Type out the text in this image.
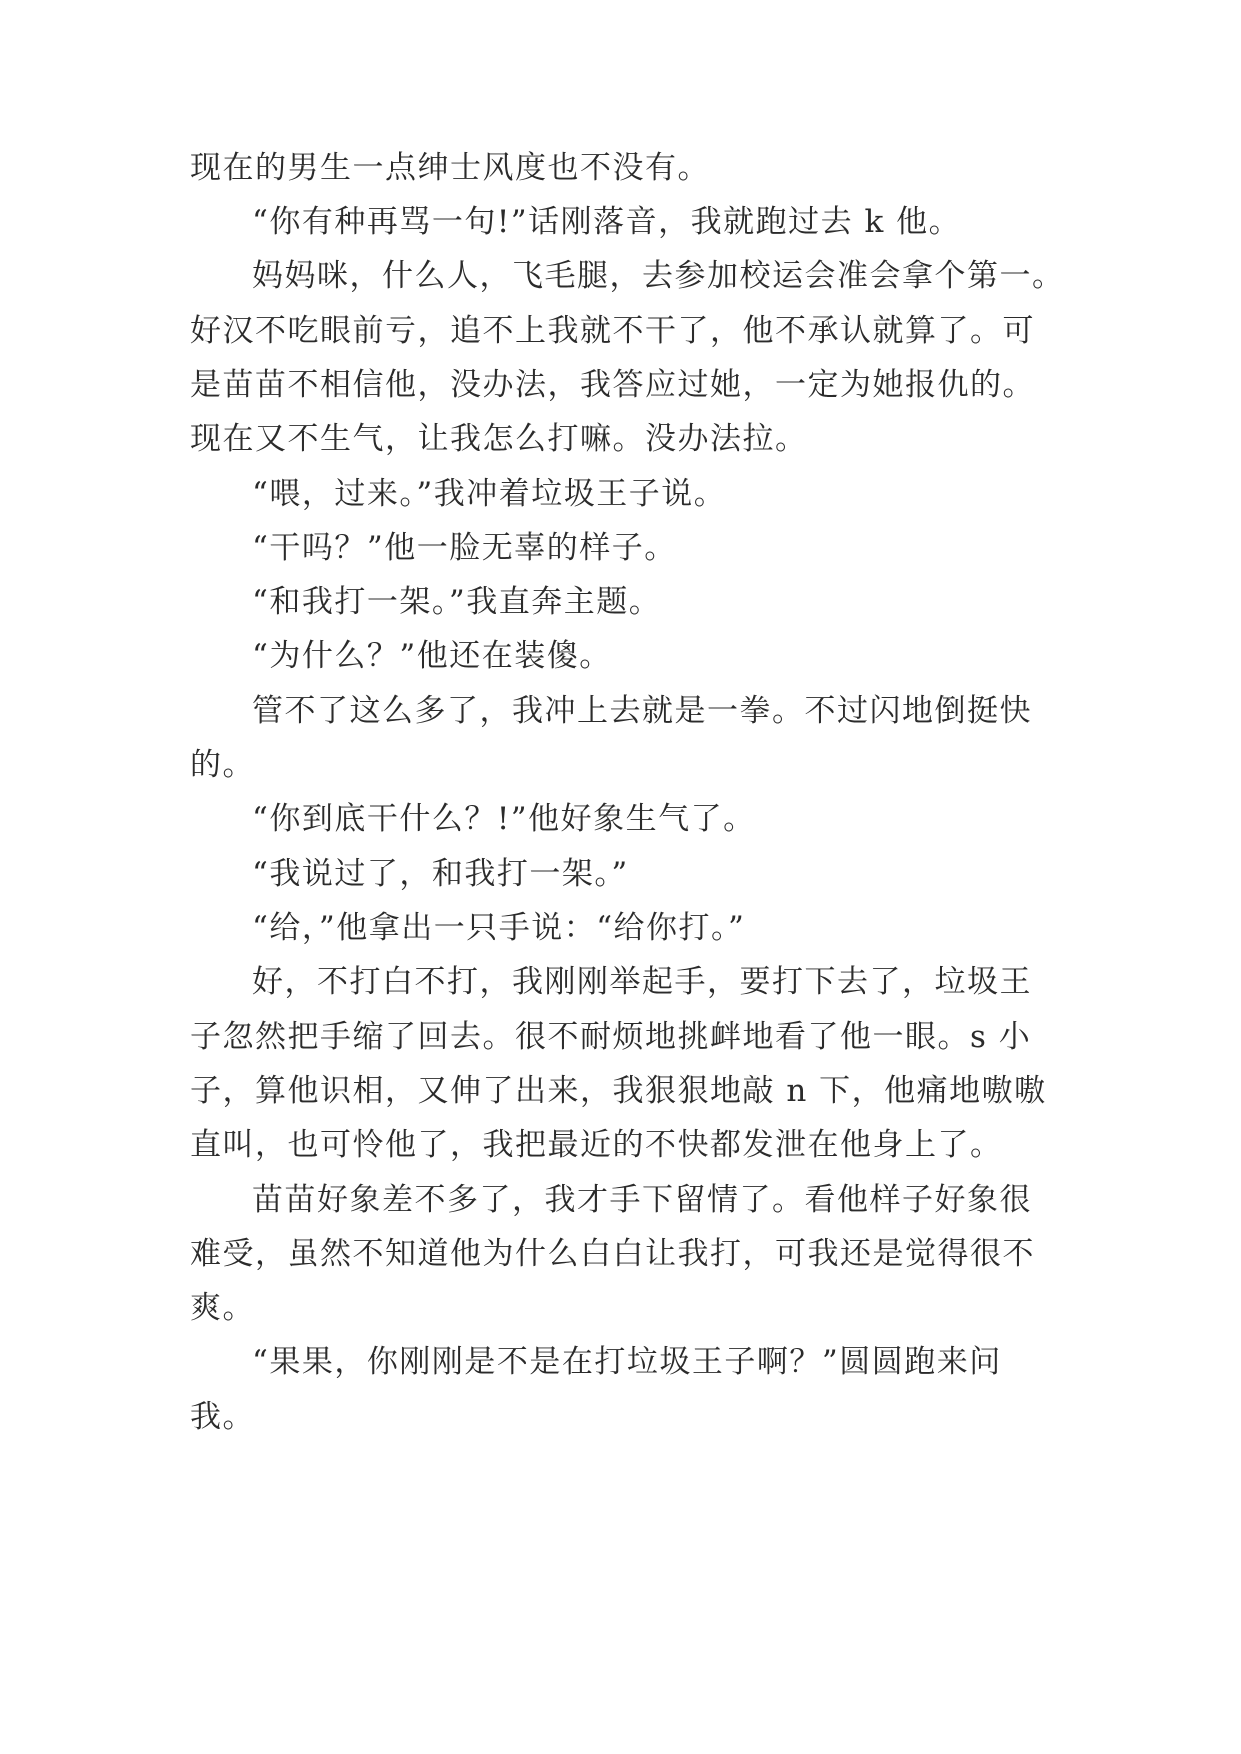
现在的男生一点绅士风度也不没有。

“你有种再骂一句!”话刚落音，我就跑过去 k 他。

妈妈咪，什么人，飞毛腿，去参加校运会准会拿个第一。

好汉不吃眼前亏，追不上我就不干了，他不承认就算了。可

是苗苗不相信他，没办法，我答应过她，一定为她报仇的。

现在又不生气，让我怎么打嘛。没办法拉。

“喂，过来。”我冲着垃圾王子说。

“干吗？”他一脸无辜的样子。

“和我打一架。”我直奔主题。

“为什么？”他还在装傻。

管不了这么多了，我冲上去就是一拳。不过闪地倒挺快

的。

“你到底干什么？!”他好象生气了。

“我说过了，和我打一架。”

“给，”他拿出一只手说：“给你打。”

好，不打白不打，我刚刚举起手，要打下去了，垃圾王

子忽然把手缩了回去。很不耐烦地挑衅地看了他一眼。s 小

子，算他识相，又伸了出来，我狠狠地敲 n 下，他痛地嗷嗷

直叫，也可怜他了，我把最近的不快都发泄在他身上了。

苗苗好象差不多了，我才手下留情了。看他样子好象很

难受，虽然不知道他为什么白白让我打，可我还是觉得很不

爽。

“果果，你刚刚是不是在打垃圾王子啊？”圆圆跑来问

我。
